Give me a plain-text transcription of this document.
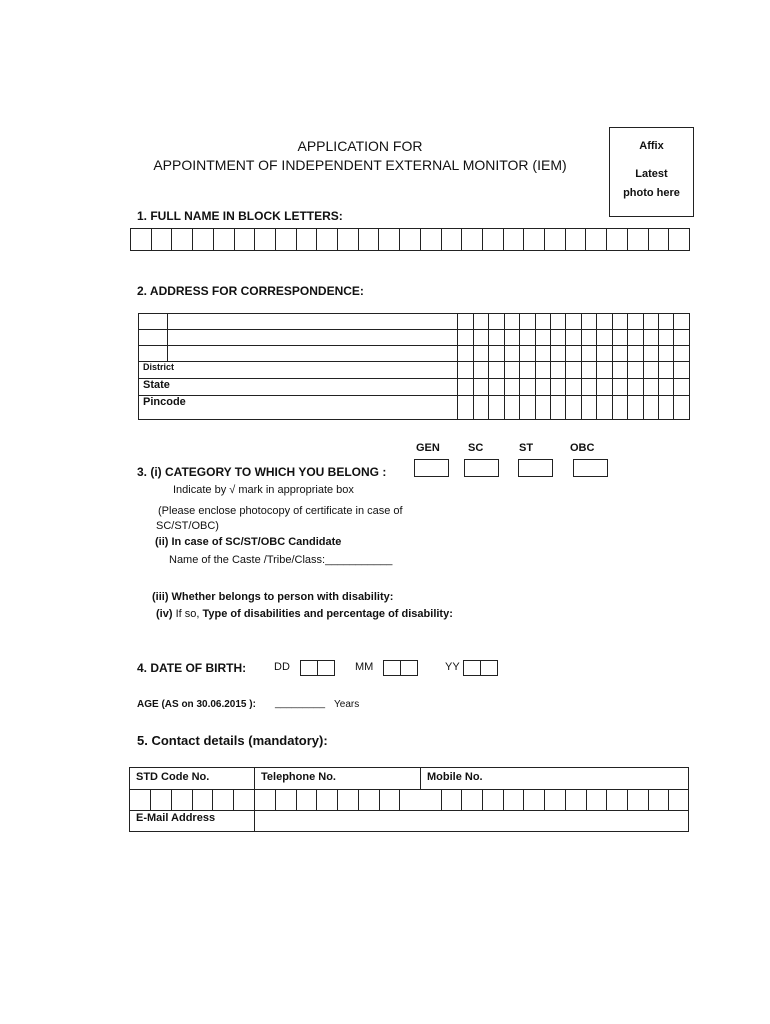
APPLICATION FOR
APPOINTMENT OF INDEPENDENT EXTERNAL MONITOR (IEM)
Affix
Latest
photo here
1. FULL NAME IN BLOCK LETTERS:

2. ADDRESS FOR CORRESPONDENCE:

District																
State																
Pincode																
GEN	SC	ST	OBC
3. (i) CATEGORY TO WHICH YOU BELONG :
Indicate by √ mark in appropriate box
(Please enclose photocopy of certificate in case of
SC/ST/OBC)
(ii) In case of SC/ST/OBC Candidate
Name of the Caste /Tribe/Class:___________
(iii) Whether belongs to person with disability:
(iv) If so, Type of disabilities and percentage of disability:
4. DATE OF BIRTH:	DD	MM	YY
AGE (AS on 30.06.2015 ): _________ Years
5. Contact details (mandatory):
STD Code No.	Telephone No.	Mobile No.
E-Mail Address
